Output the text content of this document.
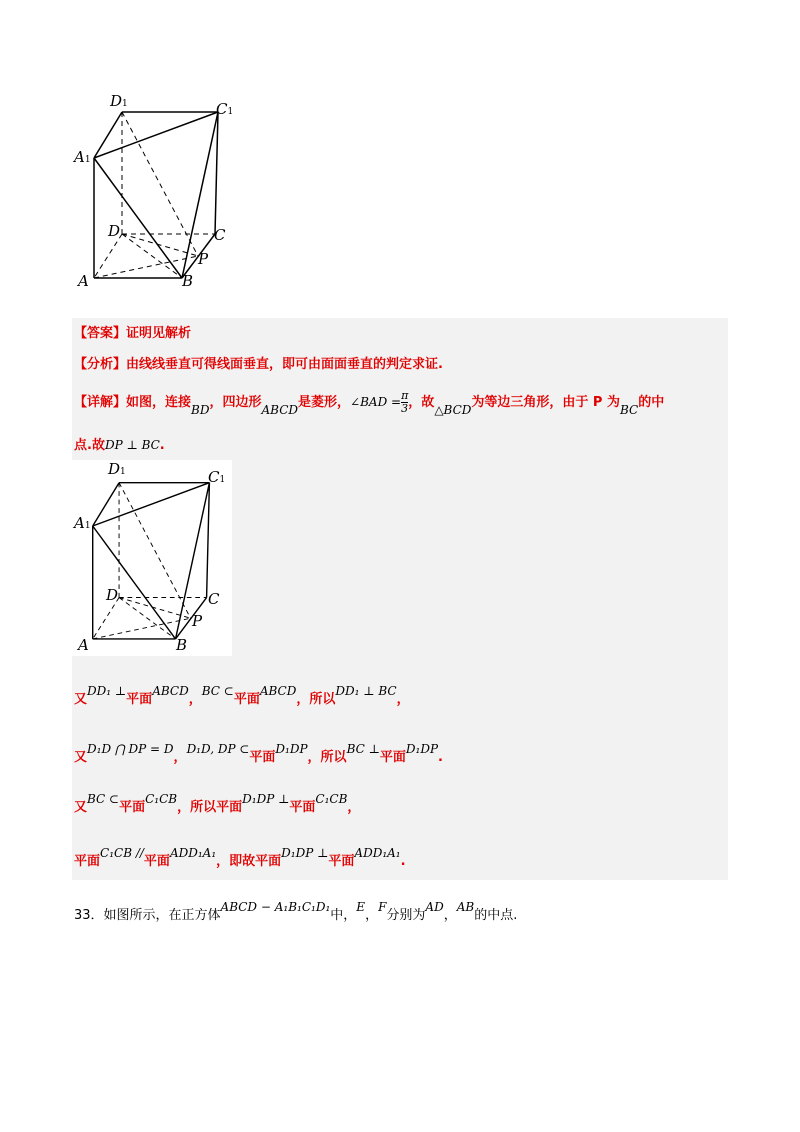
D1	C1
A1
D	C
P
A	B
【答案】证明见解析
【分析】由线线垂直可得线面垂直，即可由面面垂直的判定求证.
【详解】如图，连接BD，四边形ABCD是菱形，∠BAD = $\frac{\pi}{3}$ ，故△BCD为等边三角形，由于 P 为BC的中
点.故DP ⊥ BC.
D1	C1
A1
D	C
P
A	B
又DD₁ ⊥平面ABCD，BC ⊂平面ABCD，所以DD₁ ⊥ BC，
又D₁D ⋂ DP = D，D₁D, DP ⊂平面D₁DP，所以BC ⊥平面D₁DP.
又BC ⊂平面C₁CB，所以平面D₁DP ⊥平面C₁CB，
平面C₁CB //平面ADD₁A₁，即故平面D₁DP ⊥平面ADD₁A₁.
33．如图所示，在正方体ABCD − A₁B₁C₁D₁中，E，F分别为AD，AB的中点.
